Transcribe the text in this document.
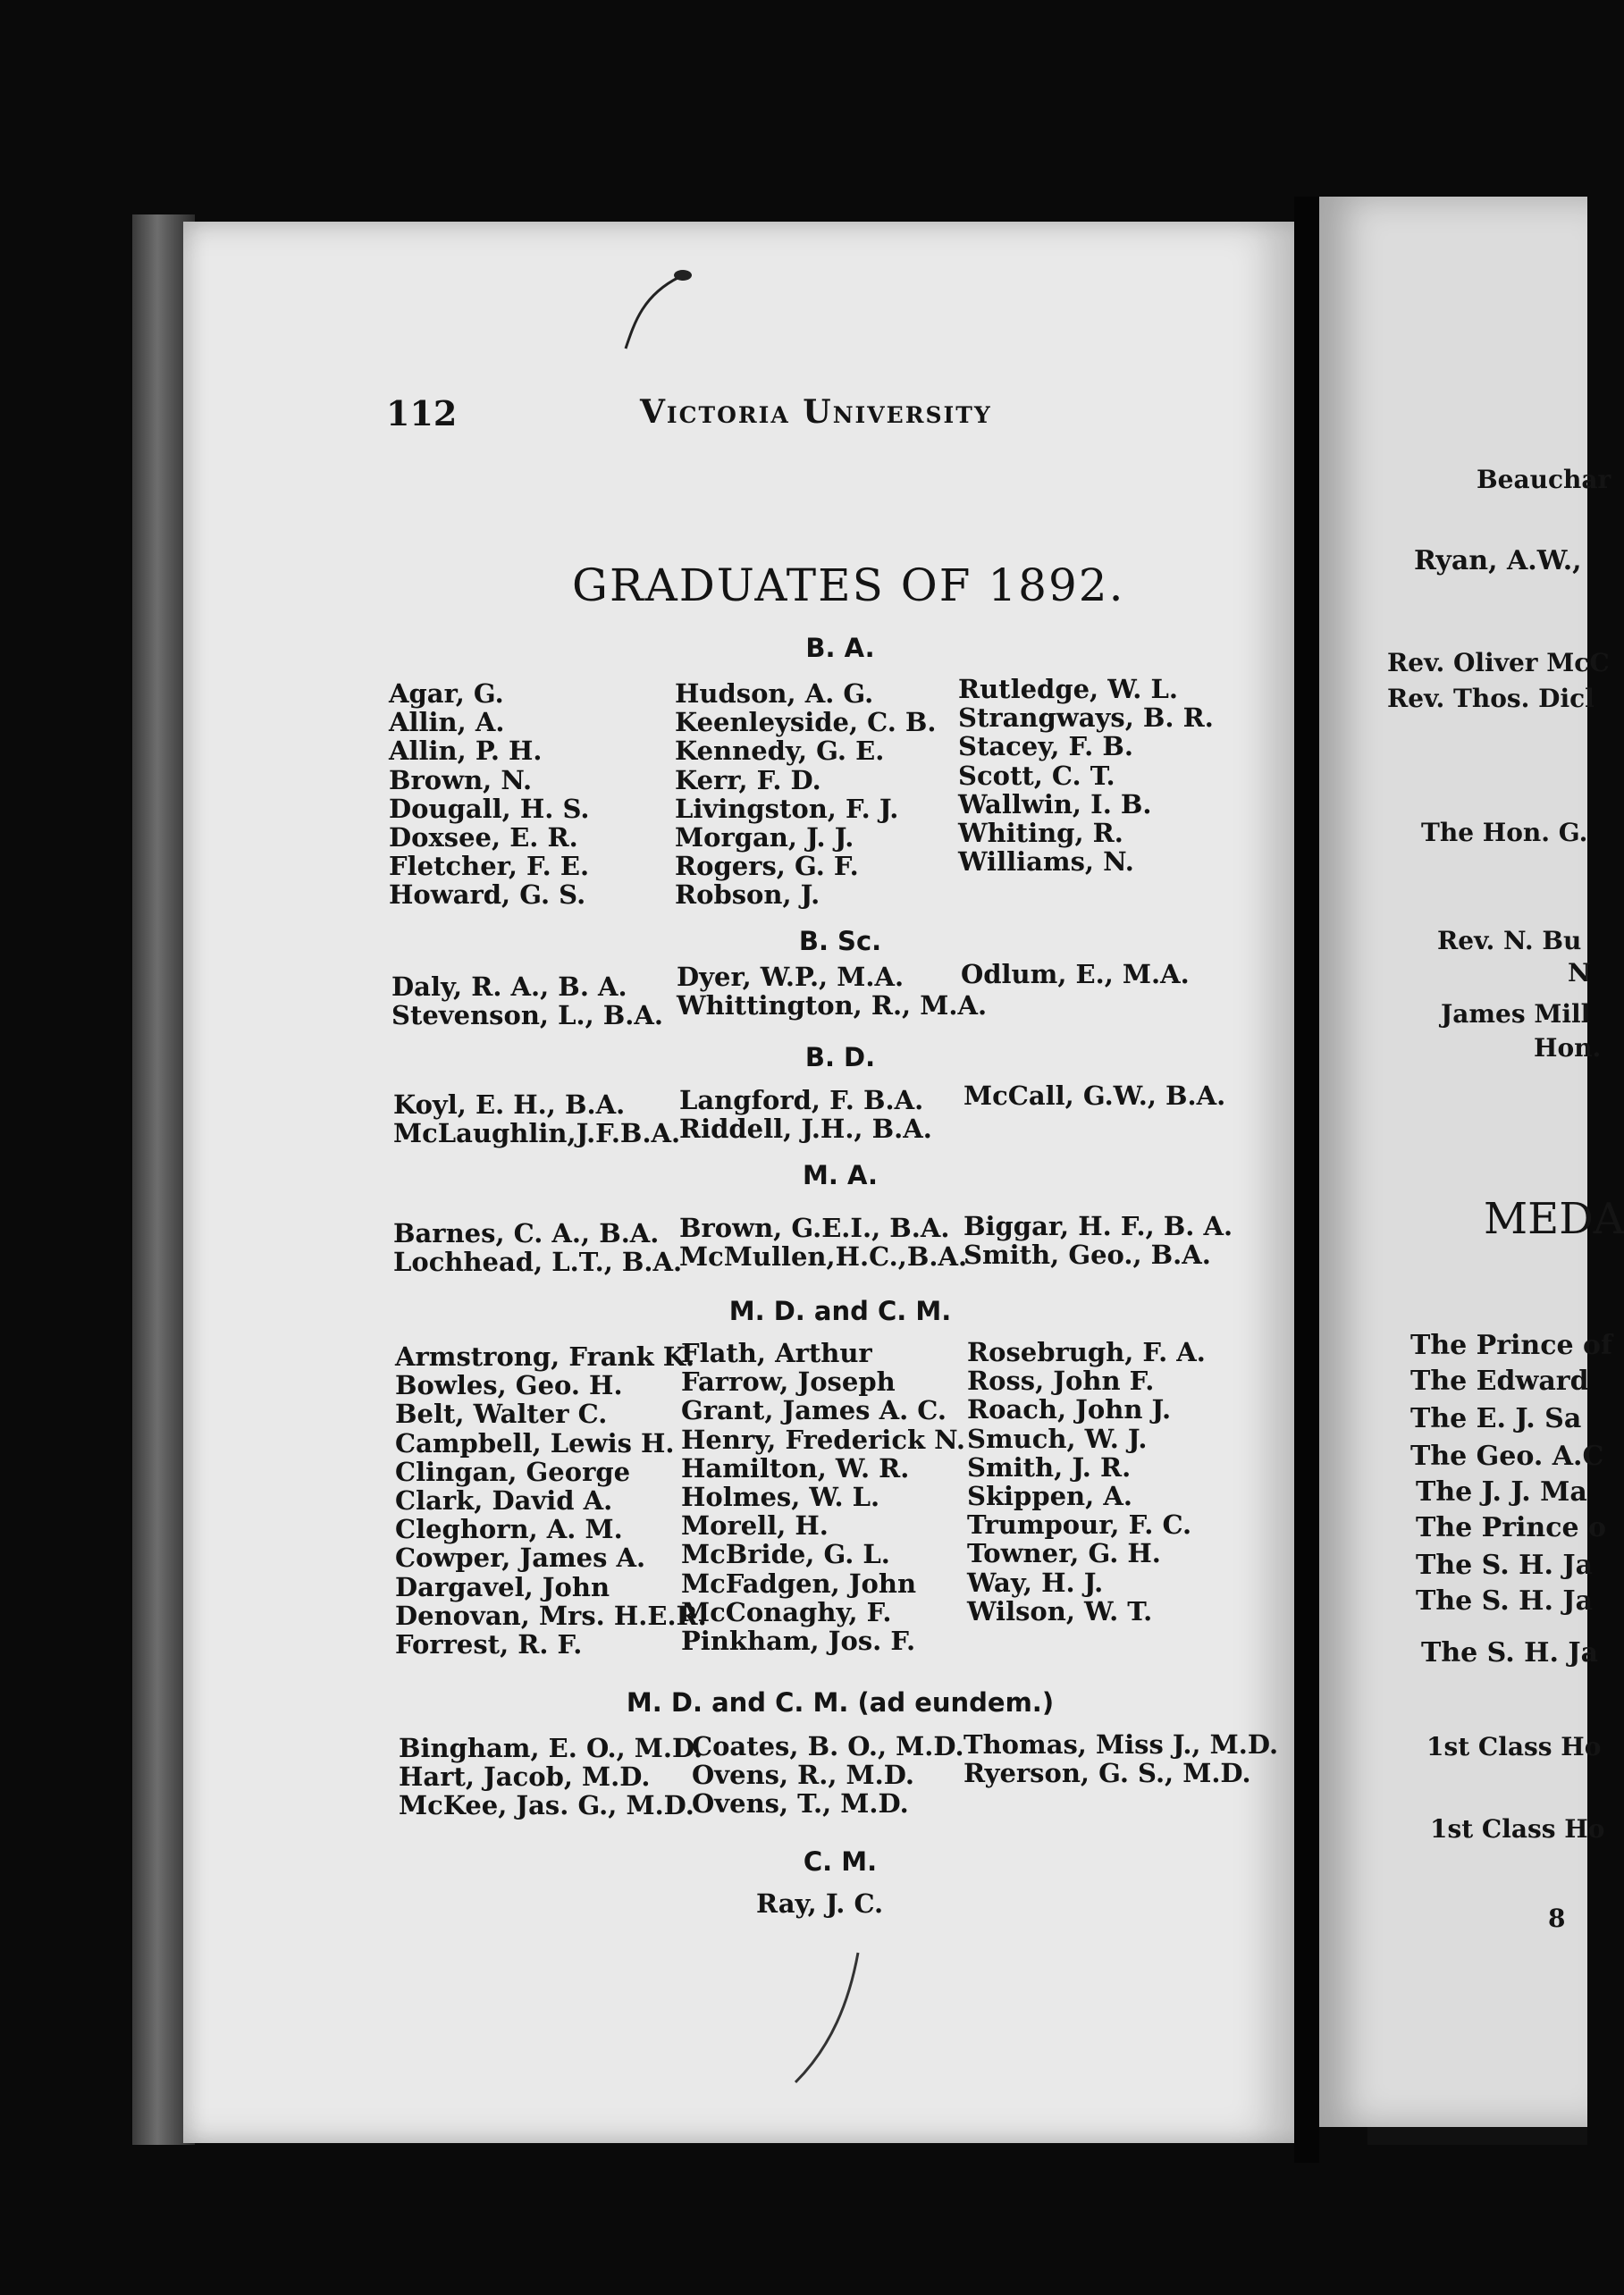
112	Victoria University
GRADUATES OF 1892.
B. A.
Agar, G.
Allin, A.
Allin, P. H.
Brown, N.
Dougall, H. S.
Doxsee, E. R.
Fletcher, F. E.
Howard, G. S.
Hudson, A. G.
Keenleyside, C. B.
Kennedy, G. E.
Kerr, F. D.
Livingston, F. J.
Morgan, J. J.
Rogers, G. F.
Robson, J.
Rutledge, W. L.
Strangways, B. R.
Stacey, F. B.
Scott, C. T.
Wallwin, I. B.
Whiting, R.
Williams, N.
B. Sc.
Daly, R. A., B. A.
Stevenson, L., B.A.
Dyer, W.P., M.A.
Whittington, R., M.A.
Odlum, E., M.A.
B. D.
Koyl, E. H., B.A.
McLaughlin,J.F.B.A.
Langford, F. B.A.
Riddell, J.H., B.A.
McCall, G.W., B.A.
M. A.
Barnes, C. A., B.A.
Lochhead, L.T., B.A.
Brown, G.E.I., B.A.
McMullen,H.C.,B.A.
Biggar, H. F., B. A.
Smith, Geo., B.A.
M. D. and C. M.
Armstrong, Frank K.
Bowles, Geo. H.
Belt, Walter C.
Campbell, Lewis H.
Clingan, George
Clark, David A.
Cleghorn, A. M.
Cowper, James A.
Dargavel, John
Denovan, Mrs. H.E.R.
Forrest, R. F.
Flath, Arthur
Farrow, Joseph
Grant, James A. C.
Henry, Frederick N.
Hamilton, W. R.
Holmes, W. L.
Morell, H.
McBride, G. L.
McFadgen, John
McConaghy, F.
Pinkham, Jos. F.
Rosebrugh, F. A.
Ross, John F.
Roach, John J.
Smuch, W. J.
Smith, J. R.
Skippen, A.
Trumpour, F. C.
Towner, G. H.
Way, H. J.
Wilson, W. T.
M. D. and C. M. (ad eundem.)
Bingham, E. O., M.D.
Hart, Jacob, M.D.
McKee, Jas. G., M.D.
Coates, B. O., M.D.
Ovens, R., M.D.
Ovens, T., M.D.
Thomas, Miss J., M.D.
Ryerson, G. S., M.D.
C. M.
Ray, J. C.
Beauchar
Ryan, A.W.,
Rev. Oliver McC
Rev. Thos. Dicl
The Hon. G.
Rev. N. Bu
N
James Mill
Hon.
MEDA
The Prince of
The Edward
The E. J. Sa
The Geo. A.C
The J. J. Ma
The Prince o
The S. H. Ja
The S. H. Ja
The S. H. Ja
1st Class Ho
1st Class Ho
8
